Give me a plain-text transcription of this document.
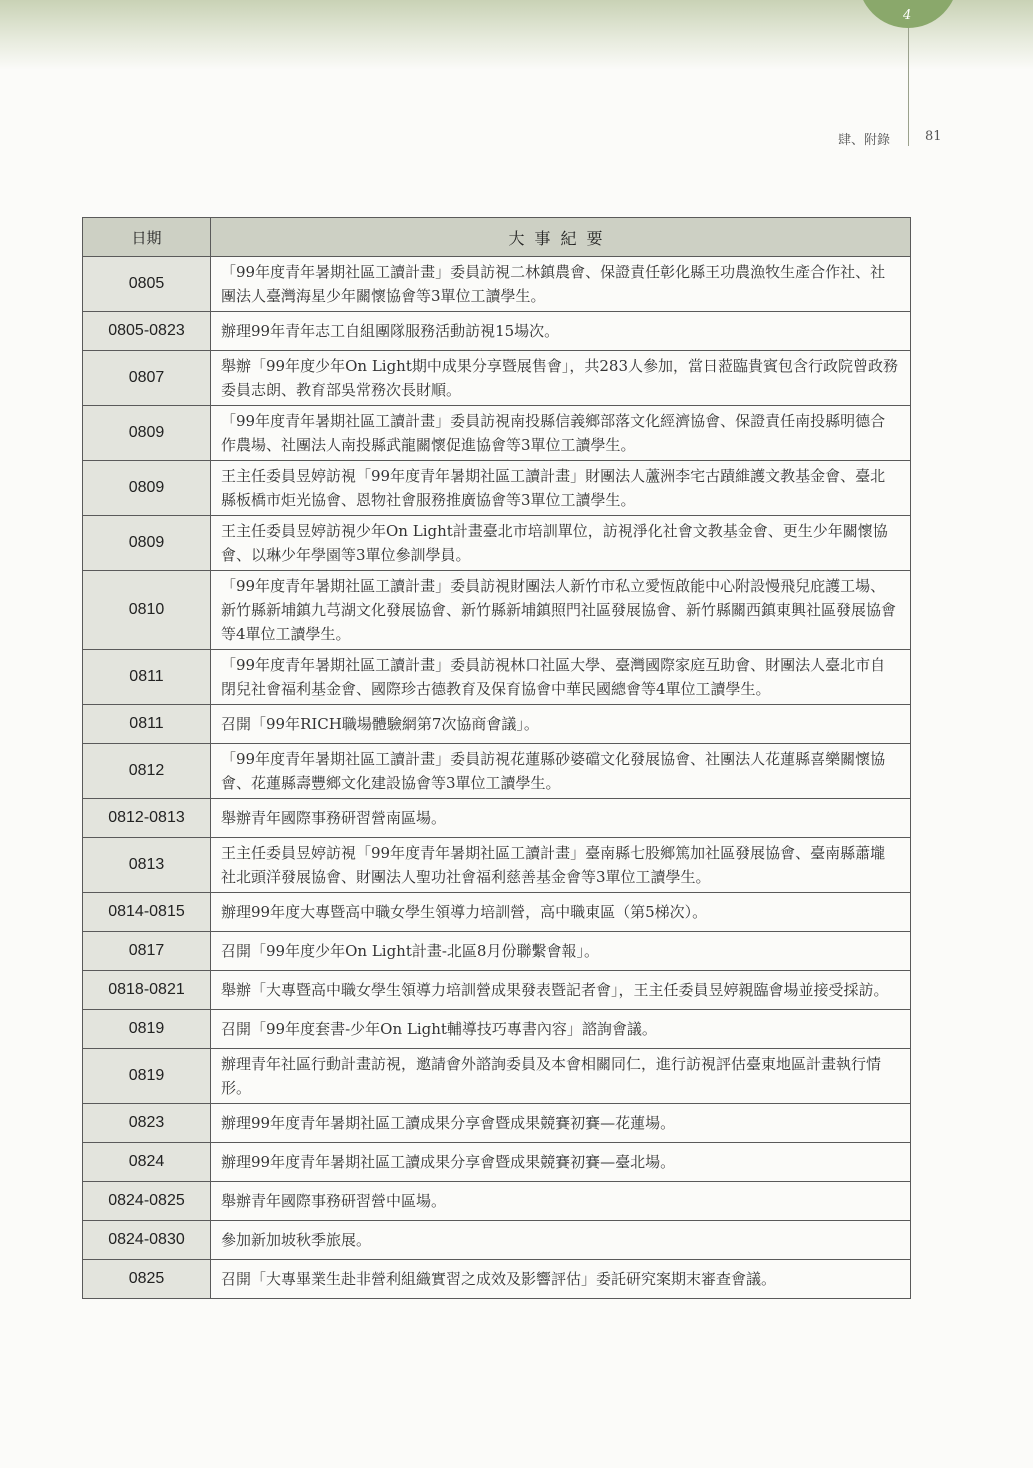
4
肆、附錄	81
日期	大事紀要
0805	「99年度青年暑期社區工讀計畫」委員訪視二林鎮農會、保證責任彰化縣王功農漁牧生產合作社、社團法人臺灣海星少年關懷協會等3單位工讀學生。
0805-0823	辦理99年青年志工自組團隊服務活動訪視15場次。
0807	舉辦「99年度少年On Light期中成果分享暨展售會」，共283人參加，當日蒞臨貴賓包含行政院曾政務委員志朗、教育部吳常務次長財順。
0809	「99年度青年暑期社區工讀計畫」委員訪視南投縣信義鄉部落文化經濟協會、保證責任南投縣明德合作農場、社團法人南投縣武龍關懷促進協會等3單位工讀學生。
0809	王主任委員昱婷訪視「99年度青年暑期社區工讀計畫」財團法人蘆洲李宅古蹟維護文教基金會、臺北縣板橋市炬光協會、恩物社會服務推廣協會等3單位工讀學生。
0809	王主任委員昱婷訪視少年On Light計畫臺北市培訓單位，訪視淨化社會文教基金會、更生少年關懷協會、以琳少年學園等3單位參訓學員。
0810	「99年度青年暑期社區工讀計畫」委員訪視財團法人新竹市私立愛恆啟能中心附設慢飛兒庇護工場、新竹縣新埔鎮九芎湖文化發展協會、新竹縣新埔鎮照門社區發展協會、新竹縣關西鎮東興社區發展協會等4單位工讀學生。
0811	「99年度青年暑期社區工讀計畫」委員訪視林口社區大學、臺灣國際家庭互助會、財團法人臺北市自閉兒社會福利基金會、國際珍古德教育及保育協會中華民國總會等4單位工讀學生。
0811	召開「99年RICH職場體驗網第7次協商會議」。
0812	「99年度青年暑期社區工讀計畫」委員訪視花蓮縣砂婆礑文化發展協會、社團法人花蓮縣喜樂關懷協會、花蓮縣壽豐鄉文化建設協會等3單位工讀學生。
0812-0813	舉辦青年國際事務研習營南區場。
0813	王主任委員昱婷訪視「99年度青年暑期社區工讀計畫」臺南縣七股鄉篤加社區發展協會、臺南縣蕭壠社北頭洋發展協會、財團法人聖功社會福利慈善基金會等3單位工讀學生。
0814-0815	辦理99年度大專暨高中職女學生領導力培訓營，高中職東區（第5梯次）。
0817	召開「99年度少年On Light計畫-北區8月份聯繫會報」。
0818-0821	舉辦「大專暨高中職女學生領導力培訓營成果發表暨記者會」，王主任委員昱婷親臨會場並接受採訪。
0819	召開「99年度套書-少年On Light輔導技巧專書內容」諮詢會議。
0819	辦理青年社區行動計畫訪視，邀請會外諮詢委員及本會相關同仁，進行訪視評估臺東地區計畫執行情形。
0823	辦理99年度青年暑期社區工讀成果分享會暨成果競賽初賽—花蓮場。
0824	辦理99年度青年暑期社區工讀成果分享會暨成果競賽初賽—臺北場。
0824-0825	舉辦青年國際事務研習營中區場。
0824-0830	參加新加坡秋季旅展。
0825	召開「大專畢業生赴非營利組織實習之成效及影響評估」委託研究案期末審查會議。
